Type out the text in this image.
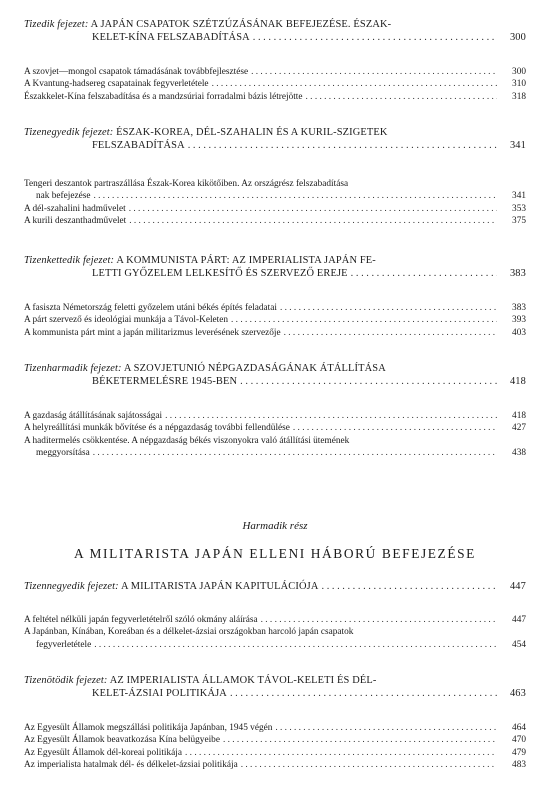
Tizedik fejezet: A JAPÁN CSAPATOK SZÉTZÚZÁSÁNAK BEFEJEZÉSE. ÉSZAK-
KELET-KÍNA FELSZABADÍTÁSA . . .	300
A szovjet—mongol csapatok támadásának továbbfejlesztése . . .	300
A Kvantung-hadsereg csapatainak fegyverletétele . . .	310
Északkelet-Kína felszabadítása és a mandzsúriai forradalmi bázis létrejötte . . .	318
Tizenegyedik fejezet: ÉSZAK-KOREA, DÉL-SZAHALIN ÉS A KURIL-SZIGETEK
FELSZABADÍTÁSA . . .	341
Tengeri deszantok partraszállása Észak-Korea kikötőiben. Az országrész felszabadítása
nak befejezése . . .	341
A dél-szahalini hadművelet . . .	353
A kurili deszanthadművelet . . .	375
Tizenkettedik fejezet: A KOMMUNISTA PÁRT: AZ IMPERIALISTA JAPÁN FE-
LETTI GYŐZELEM LELKESÍTŐ ÉS SZERVEZŐ EREJE . . .	383
A fasiszta Németország feletti győzelem utáni békés építés feladatai . . .	383
A párt szervező és ideológiai munkája a Távol-Keleten . . .	393
A kommunista párt mint a japán militarizmus leverésének szervezője . . .	403
Tizenharmadik fejezet: A SZOVJETUNIÓ NÉPGAZDASÁGÁNAK ÁTÁLLÍTÁSA
BÉKETERMELÉSRE 1945-BEN . . .	418
A gazdaság átállításának sajátosságai . . .	418
A helyreállítási munkák bővítése és a népgazdaság további fellendülése . . .	427
A haditermelés csökkentése. A népgazdaság békés viszonyokra való átállítási ütemének
meggyorsítása . . .	438
Harmadik rész
A MILITARISTA JAPÁN ELLENI HÁBORÚ BEFEJEZÉSE
Tizennegyedik fejezet: A MILITARISTA JAPÁN KAPITULÁCIÓJA . . .	447
A feltétel nélküli japán fegyverletételről szóló okmány aláírása . . .	447
A Japánban, Kínában, Koreában és a délkelet-ázsiai országokban harcoló japán csapatok
fegyverletétele . . .	454
Tizenötödik fejezet: AZ IMPERIALISTA ÁLLAMOK TÁVOL-KELETI ÉS DÉL-
KELET-ÁZSIAI POLITIKÁJA . . .	463
Az Egyesült Államok megszállási politikája Japánban, 1945 végén . . .	464
Az Egyesült Államok beavatkozása Kína belügyeibe . . .	470
Az Egyesült Államok dél-koreai politikája . . .	479
Az imperialista hatalmak dél- és délkelet-ázsiai politikája . . .	483
